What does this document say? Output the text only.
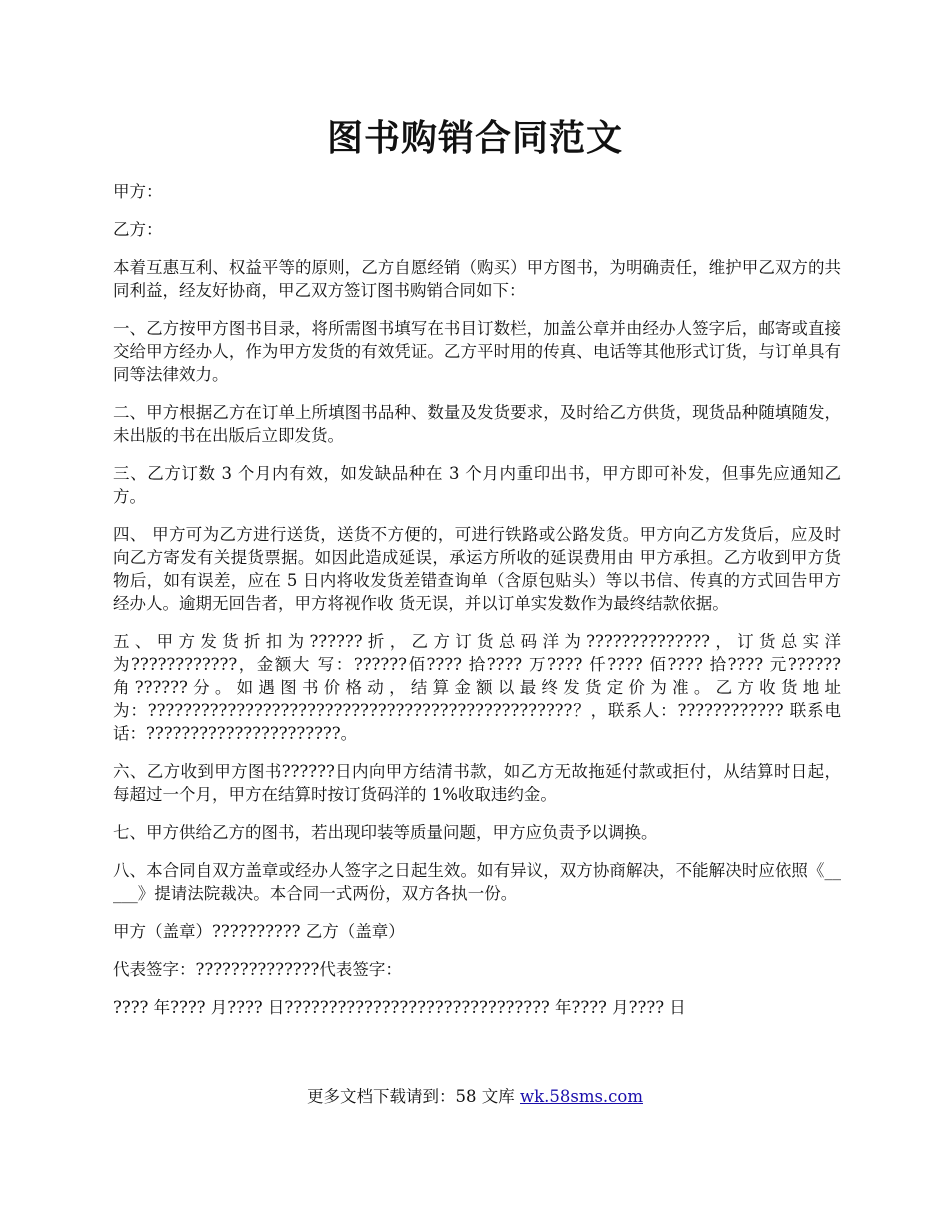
图书购销合同范文

甲方：

乙方：

本着互惠互利、权益平等的原则，乙方自愿经销（购买）甲方图书，为明确责任，维护甲乙双方的共同利益，经友好协商，甲乙双方签订图书购销合同如下：

一、乙方按甲方图书目录，将所需图书填写在书目订数栏，加盖公章并由经办人签字后，邮寄或直接交给甲方经办人，作为甲方发货的有效凭证。乙方平时用的传真、电话等其他形式订货，与订单具有同等法律效力。

二、甲方根据乙方在订单上所填图书品种、数量及发货要求，及时给乙方供货，现货品种随填随发，未出版的书在出版后立即发货。

三、乙方订数 3 个月内有效，如发缺品种在 3 个月内重印出书，甲方即可补发，但事先应通知乙方。

四、 甲方可为乙方进行送货，送货不方便的，可进行铁路或公路发货。甲方向乙方发货后，应及时向乙方寄发有关提货票据。如因此造成延误，承运方所收的延误费用由 甲方承担。乙方收到甲方货物后，如有误差，应在 5 日内将收发货差错查询单（含原包贴头）等以书信、传真的方式回告甲方经办人。逾期无回告者，甲方将视作收 货无误，并以订单实发数作为最终结款依据。

五、甲方发货折扣为??????折，乙方订货总码洋为??????????????，订货总实洋为????????????，金额大 写：??????佰???? 拾???? 万???? 仟???? 佰???? 拾???? 元??????角??????分。如遇图书价格动，结算金额以最终发货定价为准。乙方收货地址为：????????????????????????????????????????????????？，联系人：???????????? 联系电话：??????????????????????。

六、乙方收到甲方图书??????日内向甲方结清书款，如乙方无故拖延付款或拒付，从结算时日起，每超过一个月，甲方在结算时按订货码洋的 1%收取违约金。

七、甲方供给乙方的图书，若出现印装等质量问题，甲方应负责予以调换。

八、本合同自双方盖章或经办人签字之日起生效。如有异议，双方协商解决，不能解决时应依照《_____》提请法院裁决。本合同一式两份，双方各执一份。

甲方（盖章）?????????? 乙方（盖章）

代表签字：??????????????代表签字：

???? 年???? 月???? 日?????????????????????????????? 年???? 月???? 日

更多文档下载请到：58 文库 wk.58sms.com
